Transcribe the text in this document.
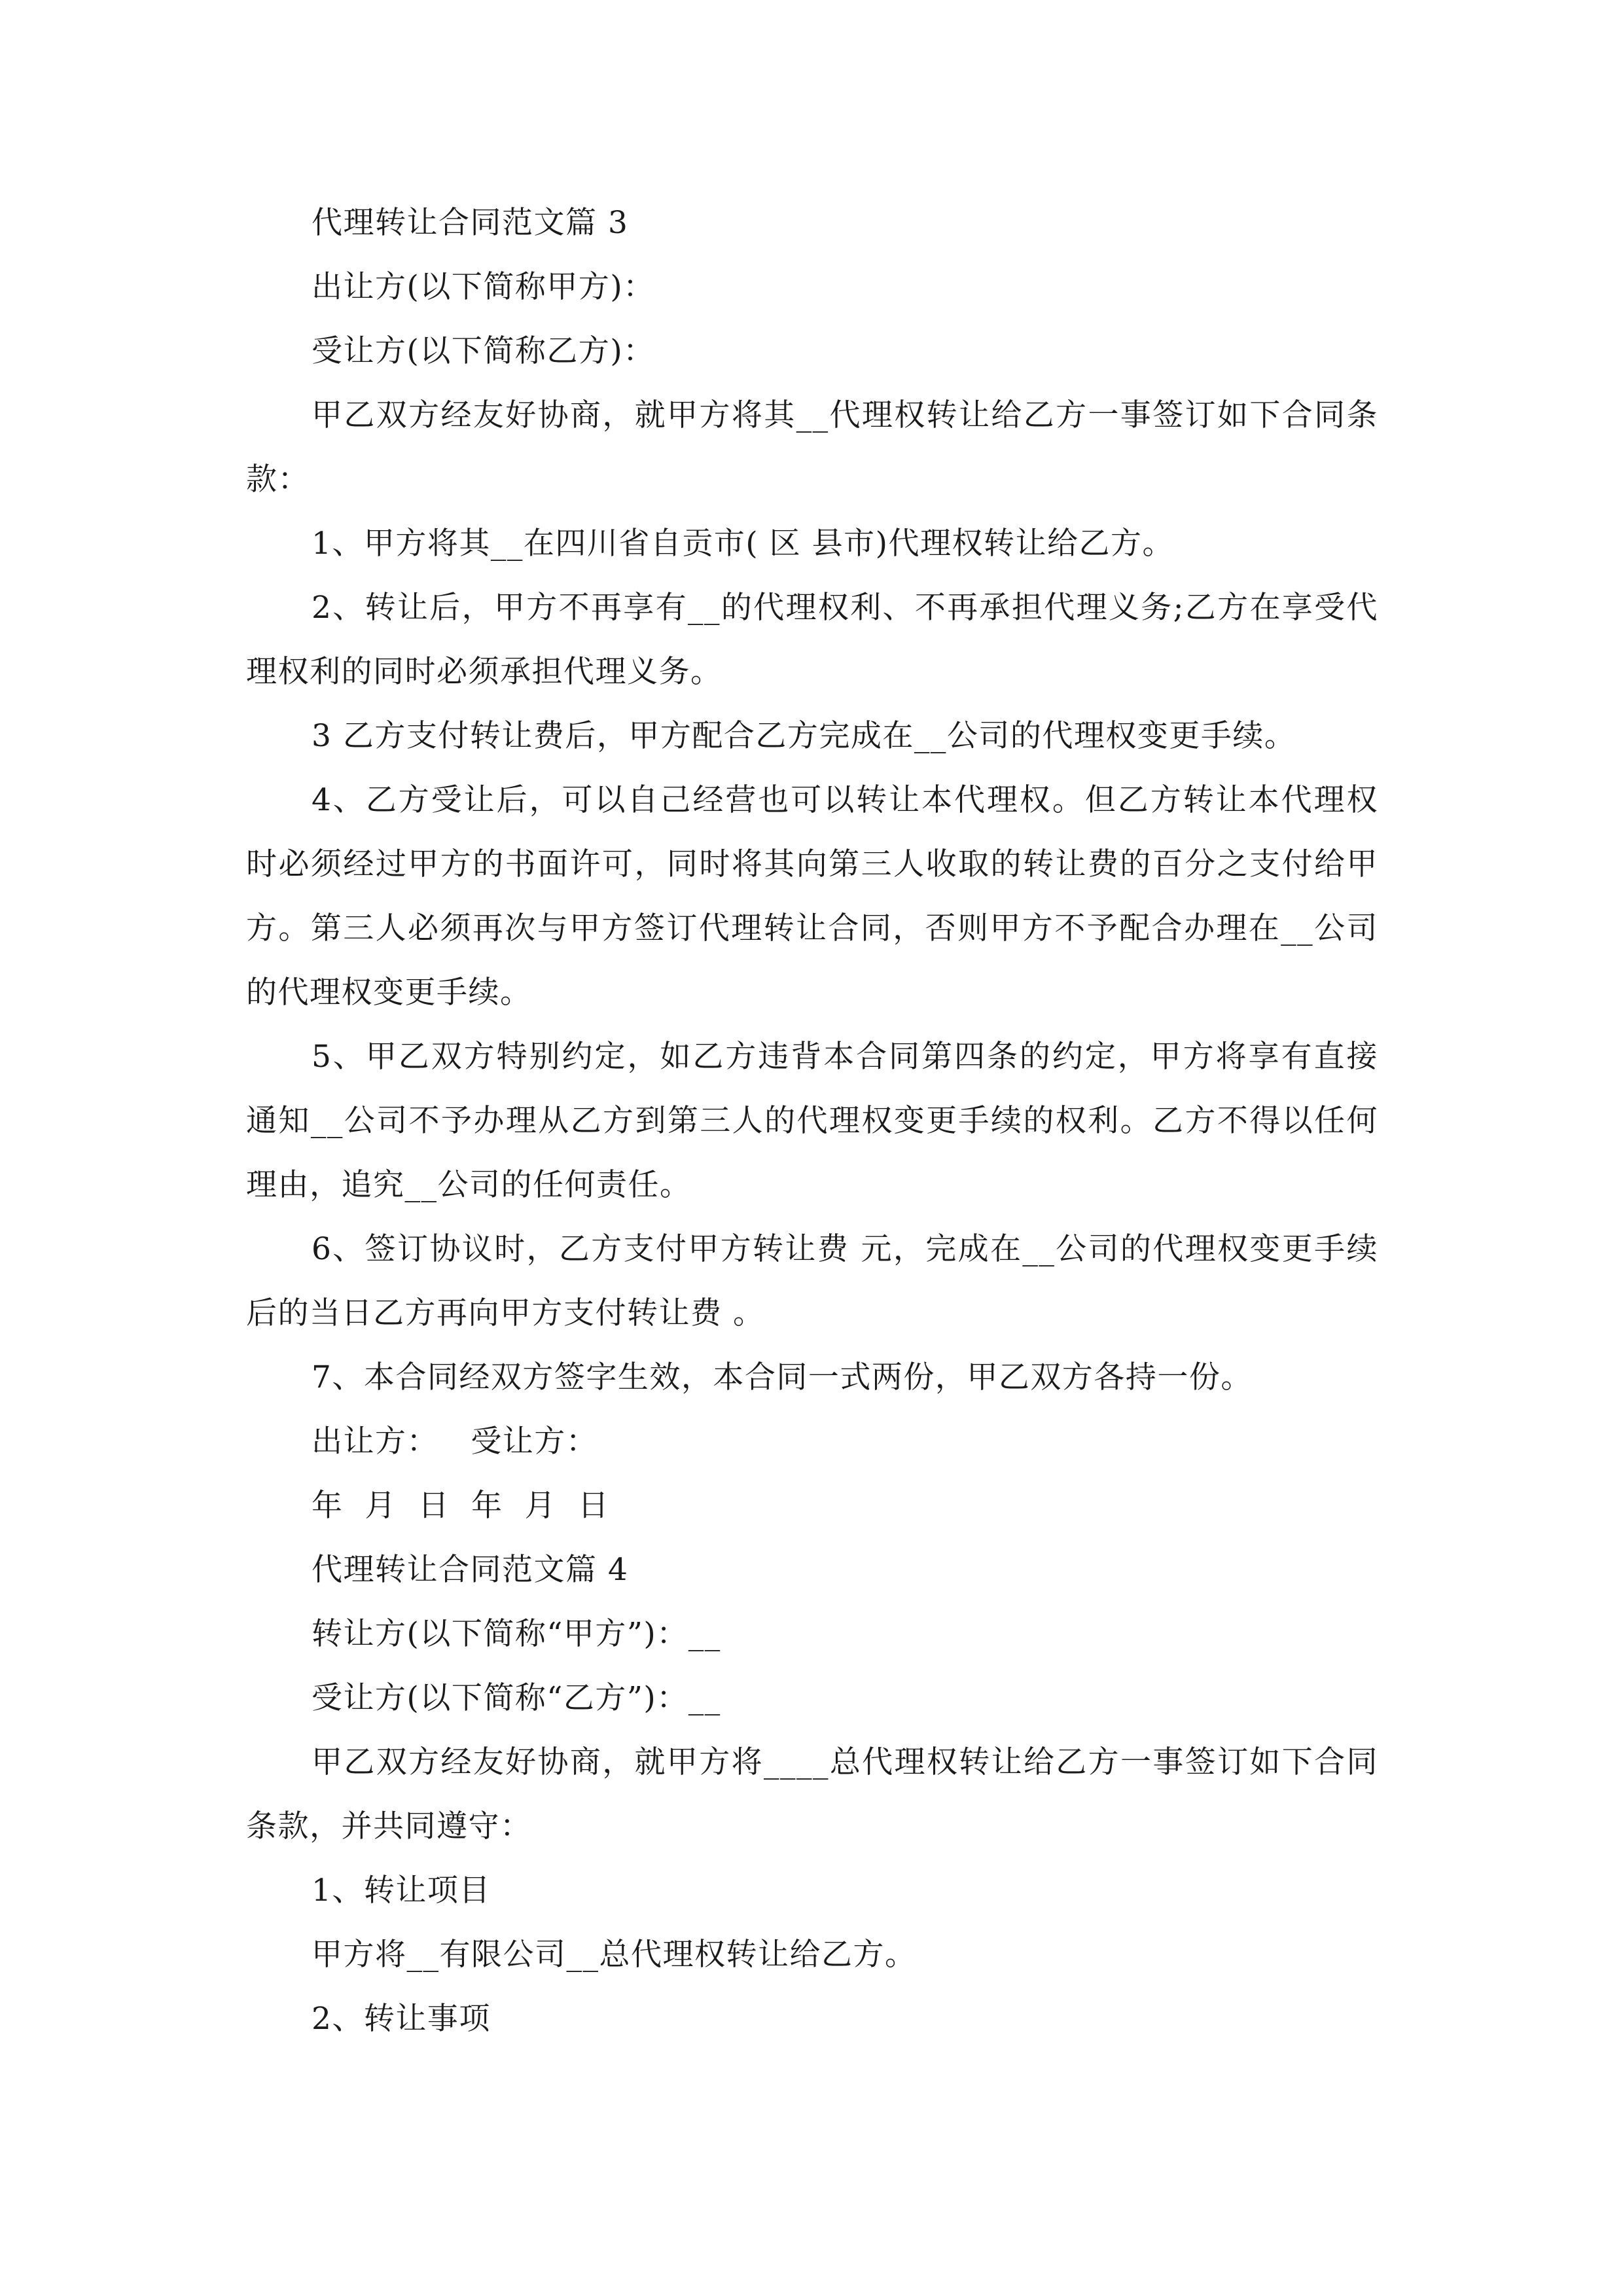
代理转让合同范文篇 3

出让方(以下简称甲方)：

受让方(以下简称乙方)：

甲乙双方经友好协商，就甲方将其__代理权转让给乙方一事签订如下合同条款：

1、甲方将其__在四川省自贡市( 区 县市)代理权转让给乙方。

2、转让后，甲方不再享有__的代理权利、不再承担代理义务;乙方在享受代理权利的同时必须承担代理义务。

3 乙方支付转让费后，甲方配合乙方完成在__公司的代理权变更手续。

4、乙方受让后，可以自己经营也可以转让本代理权。但乙方转让本代理权时必须经过甲方的书面许可，同时将其向第三人收取的转让费的百分之支付给甲方。第三人必须再次与甲方签订代理转让合同，否则甲方不予配合办理在__公司的代理权变更手续。

5、甲乙双方特别约定，如乙方违背本合同第四条的约定，甲方将享有直接通知__公司不予办理从乙方到第三人的代理权变更手续的权利。乙方不得以任何理由，追究__公司的任何责任。

6、签订协议时，乙方支付甲方转让费 元，完成在__公司的代理权变更手续后的当日乙方再向甲方支付转让费 。

7、本合同经双方签字生效，本合同一式两份，甲乙双方各持一份。

出让方：   受让方：

年  月  日  年  月  日

代理转让合同范文篇 4

转让方(以下简称“甲方”)：__

受让方(以下简称“乙方”)：__

甲乙双方经友好协商，就甲方将____总代理权转让给乙方一事签订如下合同条款，并共同遵守：

1、转让项目

甲方将__有限公司__总代理权转让给乙方。

2、转让事项
